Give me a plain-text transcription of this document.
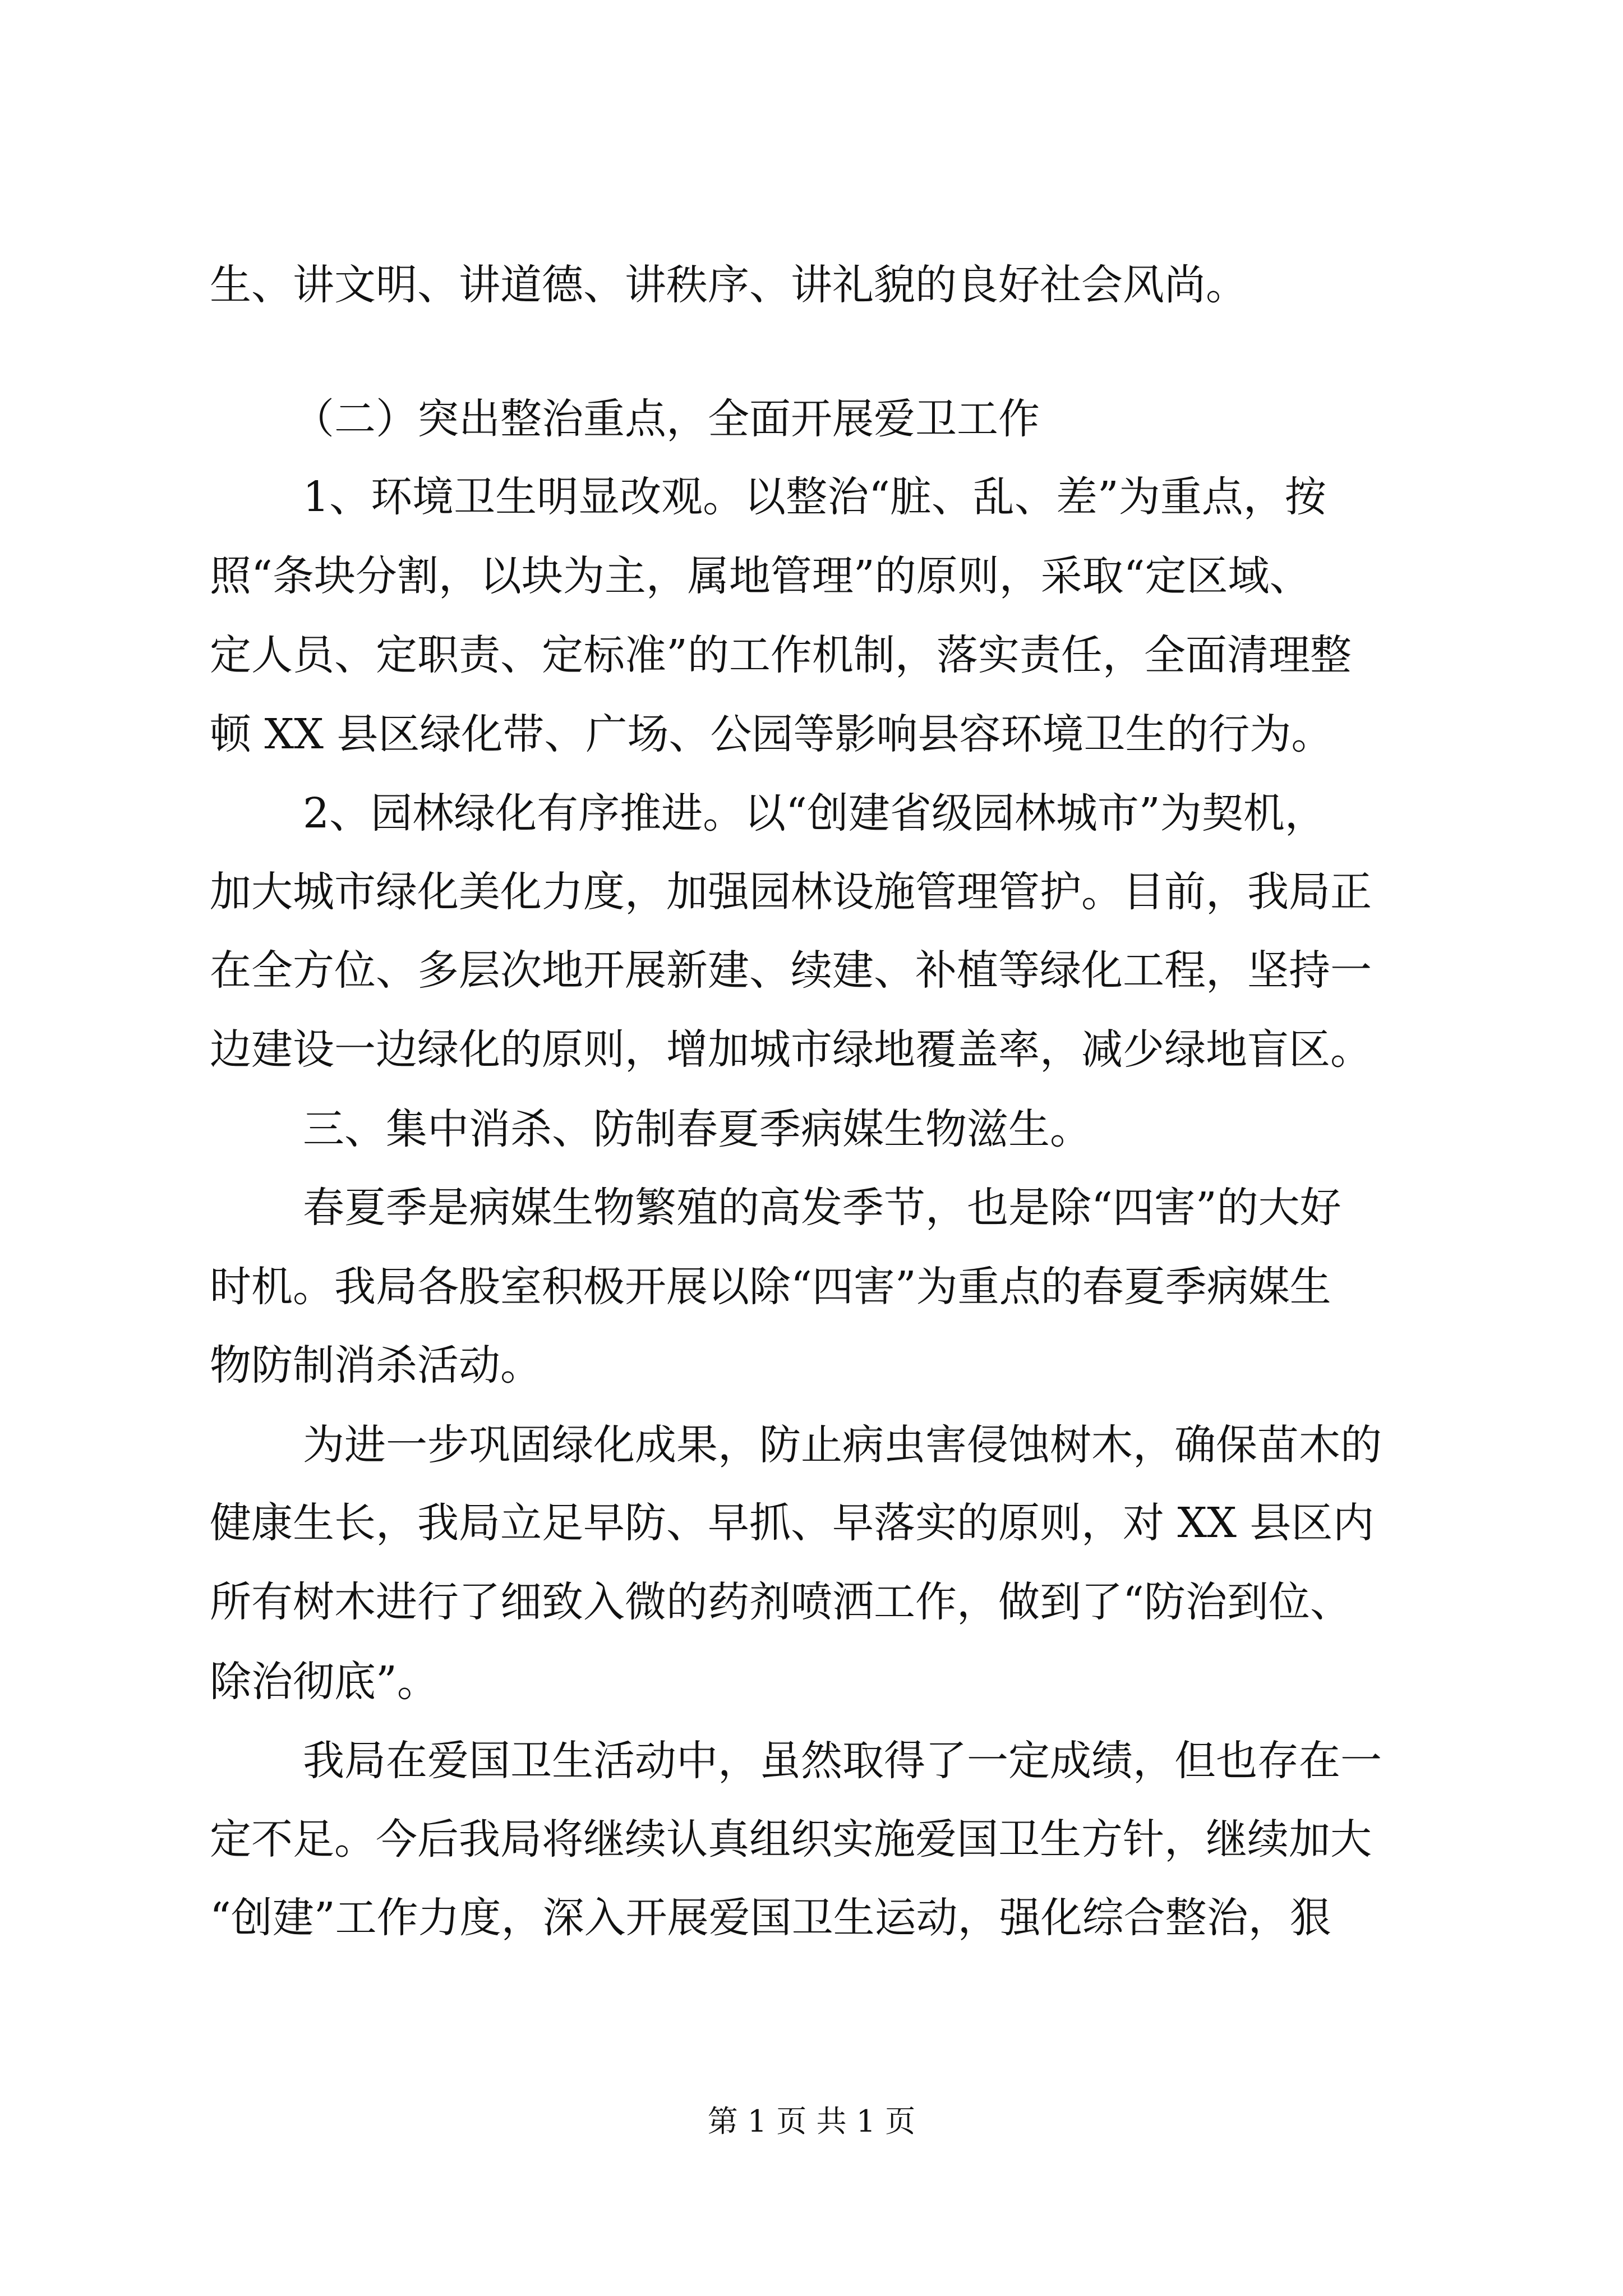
生、讲文明、讲道德、讲秩序、讲礼貌的良好社会风尚。
（二）突出整治重点，全面开展爱卫工作
1、环境卫生明显改观。以整治“脏、乱、差”为重点，按
照“条块分割，以块为主，属地管理”的原则，采取“定区域、
定人员、定职责、定标准”的工作机制，落实责任，全面清理整
顿 XX 县区绿化带、广场、公园等影响县容环境卫生的行为。
2、园林绿化有序推进。以“创建省级园林城市”为契机，
加大城市绿化美化力度，加强园林设施管理管护。目前，我局正
在全方位、多层次地开展新建、续建、补植等绿化工程，坚持一
边建设一边绿化的原则，增加城市绿地覆盖率，减少绿地盲区。
三、集中消杀、防制春夏季病媒生物滋生。
春夏季是病媒生物繁殖的高发季节，也是除“四害”的大好
时机。我局各股室积极开展以除“四害”为重点的春夏季病媒生
物防制消杀活动。
为进一步巩固绿化成果，防止病虫害侵蚀树木，确保苗木的
健康生长，我局立足早防、早抓、早落实的原则，对 XX 县区内
所有树木进行了细致入微的药剂喷洒工作，做到了“防治到位、
除治彻底”。
我局在爱国卫生活动中，虽然取得了一定成绩，但也存在一
定不足。今后我局将继续认真组织实施爱国卫生方针，继续加大
“创建”工作力度，深入开展爱国卫生运动，强化综合整治，狠
第 1 页 共 1 页
